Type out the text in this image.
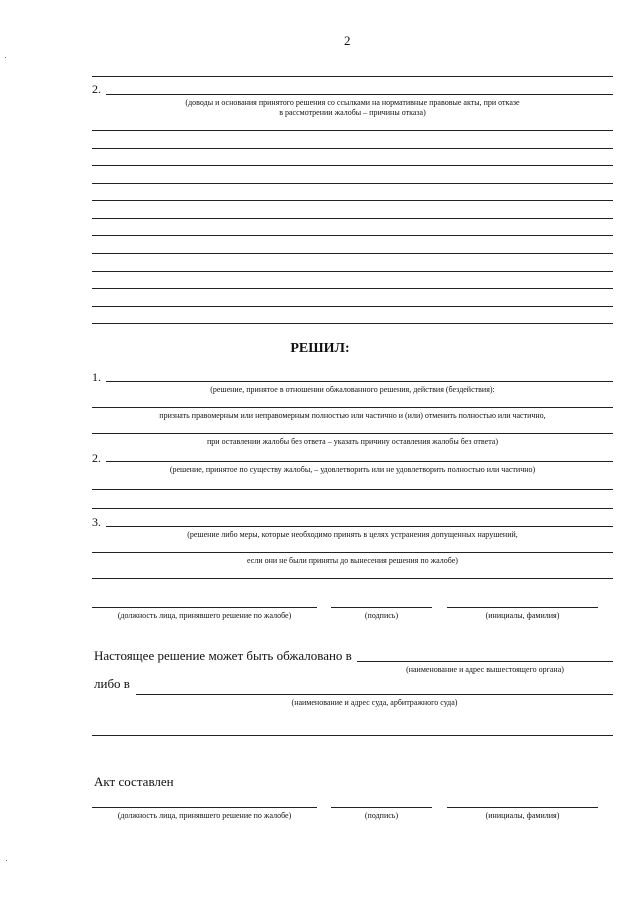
2
2.
(доводы и основания принятого решения со ссылками на нормативные правовые акты, при отказе
в рассмотрении жалобы – причины отказа)
РЕШИЛ:
1.
(решение, принятое в отношении обжалованного решения, действия (бездействия):
признать правомерным или неправомерным полностью или частично и (или) отменить полностью или частично,
при оставлении жалобы без ответа – указать причину оставления жалобы без ответа)
2.
(решение, принятое по существу жалобы, – удовлетворить или не удовлетворить полностью или частично)
3.
(решение либо меры, которые необходимо принять в целях устранения допущенных нарушений,
если они не были приняты до вынесения решения по жалобе)
(должность лица, принявшего решение по жалобе)	(подпись)	(инициалы, фамилия)
Настоящее решение может быть обжаловано в
(наименование и адрес вышестоящего органа)
либо в
(наименование и адрес суда, арбитражного суда)
Акт составлен
(должность лица, принявшего решение по жалобе)	(подпись)	(инициалы, фамилия)
